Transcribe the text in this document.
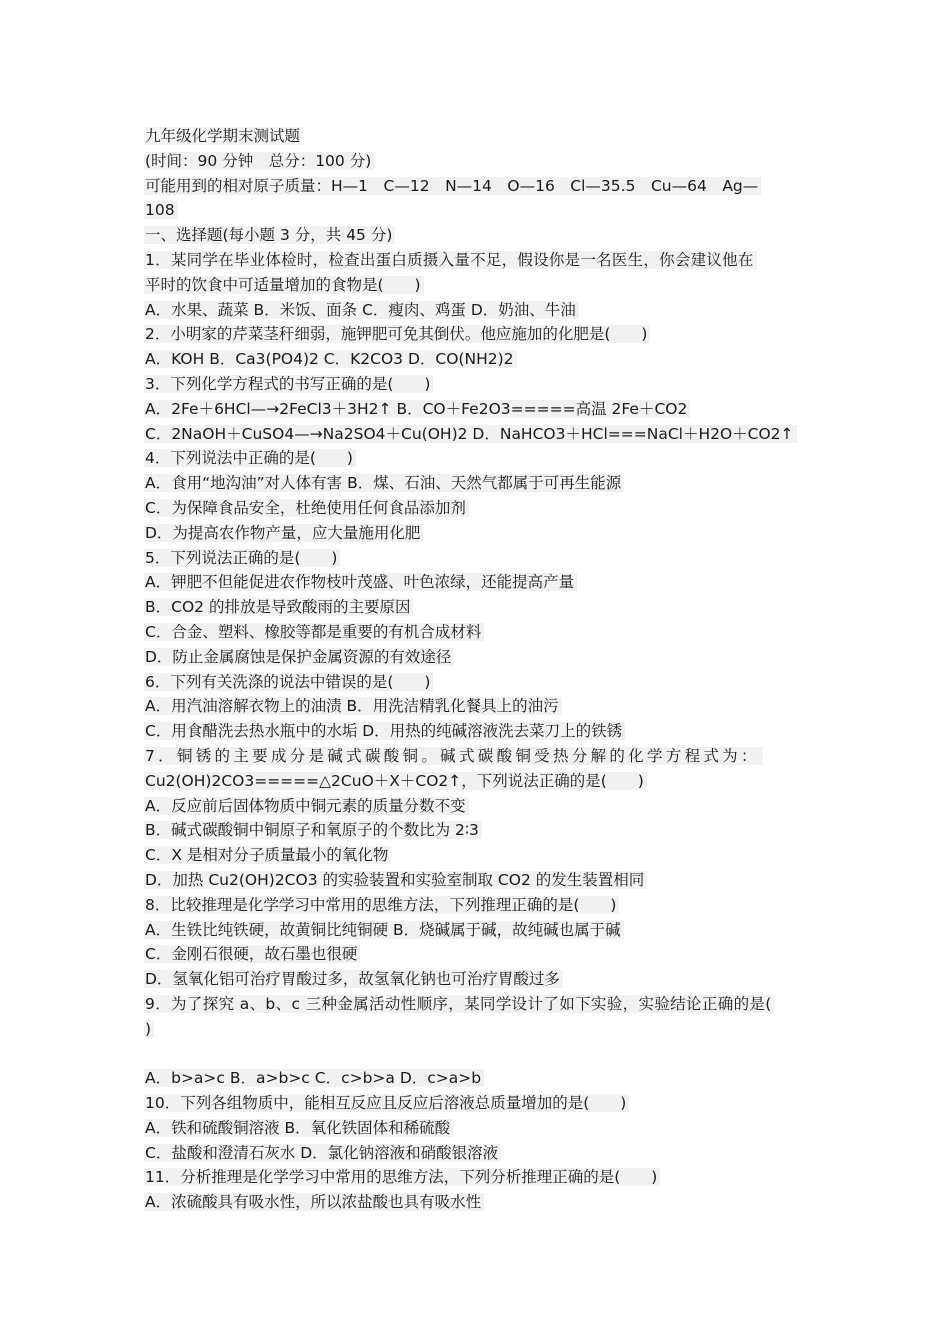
九年级化学期末测试题
(时间：90 分钟　总分：100 分)
可能用到的相对原子质量：H—1　C—12　N—14　O—16　Cl—35.5　Cu—64　Ag—
108
一、选择题(每小题 3 分，共 45 分)
1．某同学在毕业体检时，检查出蛋白质摄入量不足，假设你是一名医生，你会建议他在
平时的饮食中可适量增加的食物是(　　)
A．水果、蔬菜 B．米饭、面条 C．瘦肉、鸡蛋 D．奶油、牛油
2．小明家的芹菜茎秆细弱，施钾肥可免其倒伏。他应施加的化肥是(　　)
A．KOH B．Ca3(PO4)2 C．K2CO3 D．CO(NH2)2
3．下列化学方程式的书写正确的是(　　)
A．2Fe＋6HCl—→2FeCl3＋3H2↑ B．CO＋Fe2O3=====高温 2Fe＋CO2
C．2NaOH＋CuSO4—→Na2SO4＋Cu(OH)2 D．NaHCO3＋HCl===NaCl＋H2O＋CO2↑
4．下列说法中正确的是(　　)
A．食用“地沟油”对人体有害 B．煤、石油、天然气都属于可再生能源
C．为保障食品安全，杜绝使用任何食品添加剂
D．为提高农作物产量，应大量施用化肥
5．下列说法正确的是(　　)
A．钾肥不但能促进农作物枝叶茂盛、叶色浓绿，还能提高产量
B．CO2 的排放是导致酸雨的主要原因
C．合金、塑料、橡胶等都是重要的有机合成材料
D．防止金属腐蚀是保护金属资源的有效途径
6．下列有关洗涤的说法中错误的是(　　)
A．用汽油溶解衣物上的油渍 B．用洗洁精乳化餐具上的油污
C．用食醋洗去热水瓶中的水垢 D．用热的纯碱溶液洗去菜刀上的铁锈
7．铜锈的主要成分是碱式碳酸铜。碱式碳酸铜受热分解的化学方程式为：
Cu2(OH)2CO3=====△2CuO＋X＋CO2↑，下列说法正确的是(　　)
A．反应前后固体物质中铜元素的质量分数不变
B．碱式碳酸铜中铜原子和氧原子的个数比为 2∶3
C．X 是相对分子质量最小的氧化物
D．加热 Cu2(OH)2CO3 的实验装置和实验室制取 CO2 的发生装置相同
8．比较推理是化学学习中常用的思维方法，下列推理正确的是(　　)
A．生铁比纯铁硬，故黄铜比纯铜硬 B．烧碱属于碱，故纯碱也属于碱
C．金刚石很硬，故石墨也很硬
D．氢氧化铝可治疗胃酸过多，故氢氧化钠也可治疗胃酸过多
9．为了探究 a、b、c 三种金属活动性顺序，某同学设计了如下实验，实验结论正确的是(
)
A．b>a>c B．a>b>c C．c>b>a D．c>a>b
10．下列各组物质中，能相互反应且反应后溶液总质量增加的是(　　)
A．铁和硫酸铜溶液 B．氧化铁固体和稀硫酸
C．盐酸和澄清石灰水 D．氯化钠溶液和硝酸银溶液
11．分析推理是化学学习中常用的思维方法，下列分析推理正确的是(　　)
A．浓硫酸具有吸水性，所以浓盐酸也具有吸水性
